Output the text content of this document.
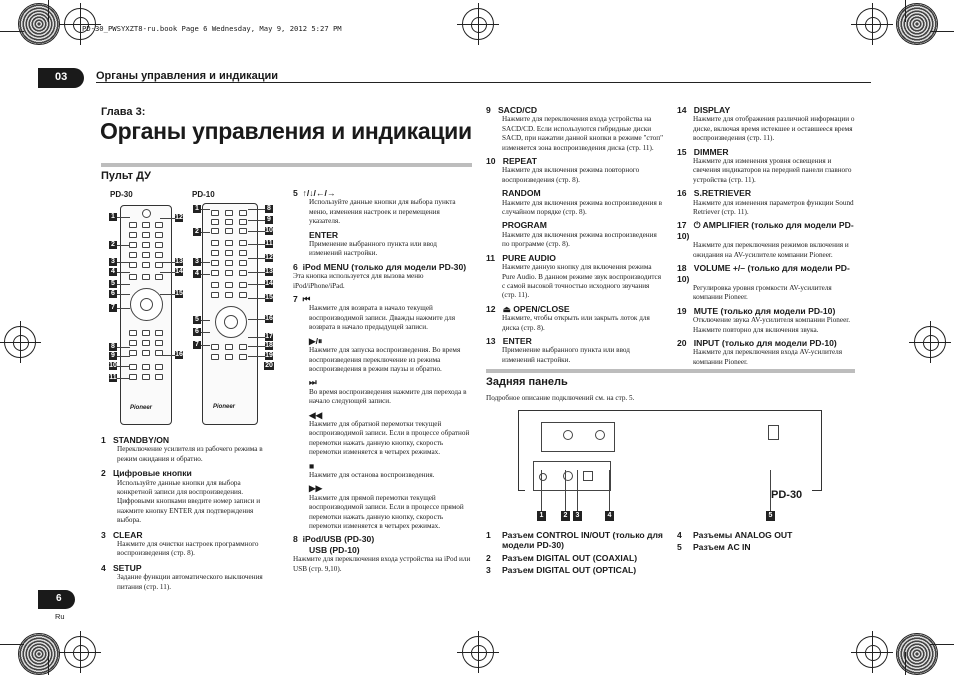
PD-30_PWSYXZT8-ru.book Page 6 Wednesday, May 9, 2012 5:27 PM
03	Органы управления и индикации
Глава 3:
Органы управления и индикации
Пульт ДУ
PD-30	PD-10
Pioneer	Pioneer
1
2
3
4
5
6
7
8
9
10
11
12
13
14
15
16
1
2
3
4
5
6
7
8
9
10
11
12
13
14
15
16
17
18
19
20
1 STANDBY/ON
Переключение усилителя из рабочего режима в режим ожидания и обратно.
2 Цифровые кнопки
Используйте данные кнопки для выбора конкретной записи для воспроизведения. Цифровыми кнопками введите номер записи и нажмите кнопку ENTER для подтверждения выбора.
3 CLEAR
Нажмите для очистки настроек программного воспроизведения (стр. 8).
4 SETUP
Задание функции автоматического выключения питания (стр. 11).
5 ↑/↓/←/→
Используйте данные кнопки для выбора пункта меню, изменения настроек и перемещения указателя.
ENTER
Применение выбранного пункта или ввод изменений настройки.
6 iPod MENU (только для модели PD-30)
Эта кнопка используется для вызова меню iPod/iPhone/iPad.
7 ⏮
Нажмите для возврата в начало текущей воспроизводимой записи. Дважды нажмите для возврата в начало предыдущей записи.
▶/⏸
Нажмите для запуска воспроизведения. Во время воспроизведения переключение из режима воспроизведения в режим паузы и обратно.
⏭
Во время воспроизведения нажмите для перехода в начало следующей записи.
◀◀
Нажмите для обратной перемотки текущей воспроизводимой записи. Если в процессе обратной перемотки нажать данную кнопку, скорость перемотки изменяется в четырех режимах.
■
Нажмите для останова воспроизведения.
▶▶
Нажмите для прямой перемотки текущей воспроизводимой записи. Если в процессе прямой перемотки нажать данную кнопку, скорость перемотки изменяется в четырех режимах.
8 iPod/USB (PD-30)
USB (PD-10)
Нажмите для переключения входа устройства на iPod или USB (стр. 9,10).
9 SACD/CD
Нажмите для переключения входа устройства на SACD/CD. Если используются гибридные диски SACD, при нажатии данной кнопки в режиме "стоп" изменяется зона воспроизведения диска (стр. 11).
10 REPEAT
Нажмите для включения режима повторного воспроизведения (стр. 8).
RANDOM
Нажмите для включения режима воспроизведения в случайном порядке (стр. 8).
PROGRAM
Нажмите для включения режима воспроизведения по программе (стр. 8).
11 PURE AUDIO
Нажмите данную кнопку для включения режима Pure Audio. В данном режиме звук воспроизводится с самой высокой точностью исходного звучания (стр. 11).
12 ⏏ OPEN/CLOSE
Нажмите, чтобы открыть или закрыть лоток для диска (стр. 8).
13 ENTER
Применение выбранного пункта или ввод изменений настройки.
14 DISPLAY
Нажмите для отображения различной информации о диске, включая время истекшее и оставшееся время воспроизведения (стр. 11).
15 DIMMER
Нажмите для изменения уровня освещения и свечения индикаторов на передней панели главного устройства (стр. 11).
16 S.RETRIEVER
Нажмите для изменения параметров функции Sound Retriever (стр. 11).
17 ⏻ AMPLIFIER (только для модели PD-10)
Нажмите для переключения режимов включения и ожидания на AV-усилителе компании Pioneer.
18 VOLUME +/– (только для модели PD-10)
Регулировка уровня громкости AV-усилителя компании Pioneer.
19 MUTE (только для модели PD-10)
Отключение звука AV-усилителя компании Pioneer. Нажмите повторно для включения звука.
20 INPUT (только для модели PD-10)
Нажмите для переключения входа AV-усилителя компании Pioneer.
Задняя панель
Подробное описание подключений см. на стр. 5.
PD-30
1	2	3	4	5
1 Разъем CONTROL IN/OUT (только для модели PD-30)
2 Разъем DIGITAL OUT (COAXIAL)
3 Разъем DIGITAL OUT (OPTICAL)
4 Разъемы ANALOG OUT
5 Разъем AC IN
6
Ru
